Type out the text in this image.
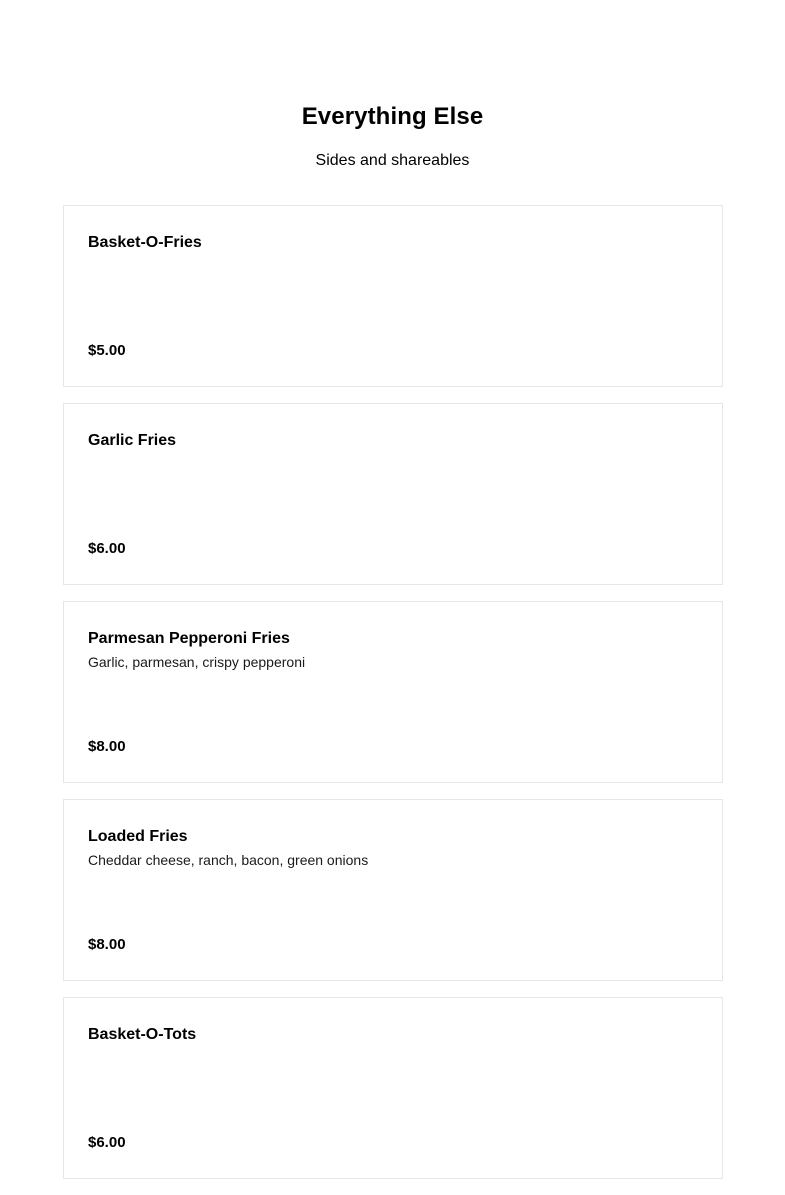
Everything Else

Sides and shareables

Basket-O-Fries

$5.00

Garlic Fries

$6.00

Parmesan Pepperoni Fries

Garlic, parmesan, crispy pepperoni

$8.00

Loaded Fries

Cheddar cheese, ranch, bacon, green onions

$8.00

Basket-O-Tots

$6.00
